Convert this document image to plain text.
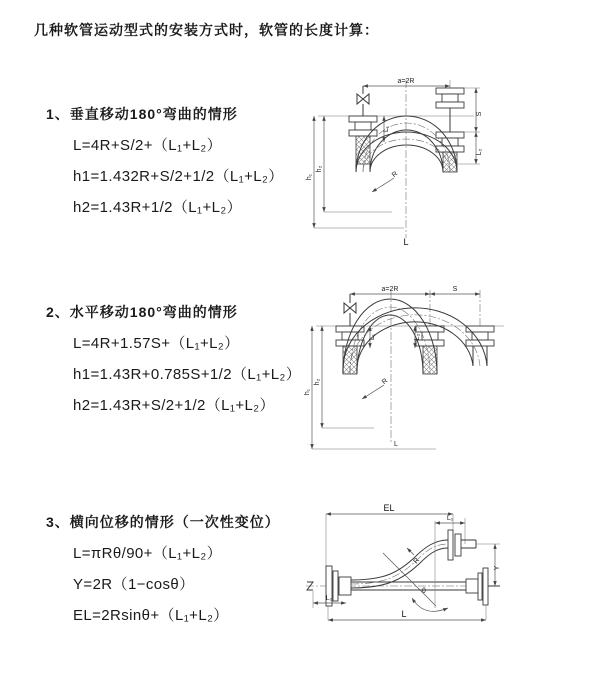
几种软管运动型式的安装方式时，软管的长度计算：
1、垂直移动180°弯曲的情形
L=4R+S/2+（L₁+L₂）
h1=1.432R+S/2+1/2（L₁+L₂）
h2=1.43R+1/2（L₁+L₂）
2、水平移动180°弯曲的情形
L=4R+1.57S+（L₁+L₂）
h1=1.43R+0.785S+1/2（L₁+L₂）
h2=1.43R+S/2+1/2（L₁+L₂）
3、横向位移的情形（一次性变位）
L=πRθ/90+（L₁+L₂）
Y=2R（1−cosθ）
EL=2Rsinθ+（L₁+L₂）
a=2R
L₁
h₁
h₂
S
L₂
R
L
a=2R	S
L₁	L₂
h₁
h₂	R
L
EL
L₁
R
θ
Y
L₂
L
